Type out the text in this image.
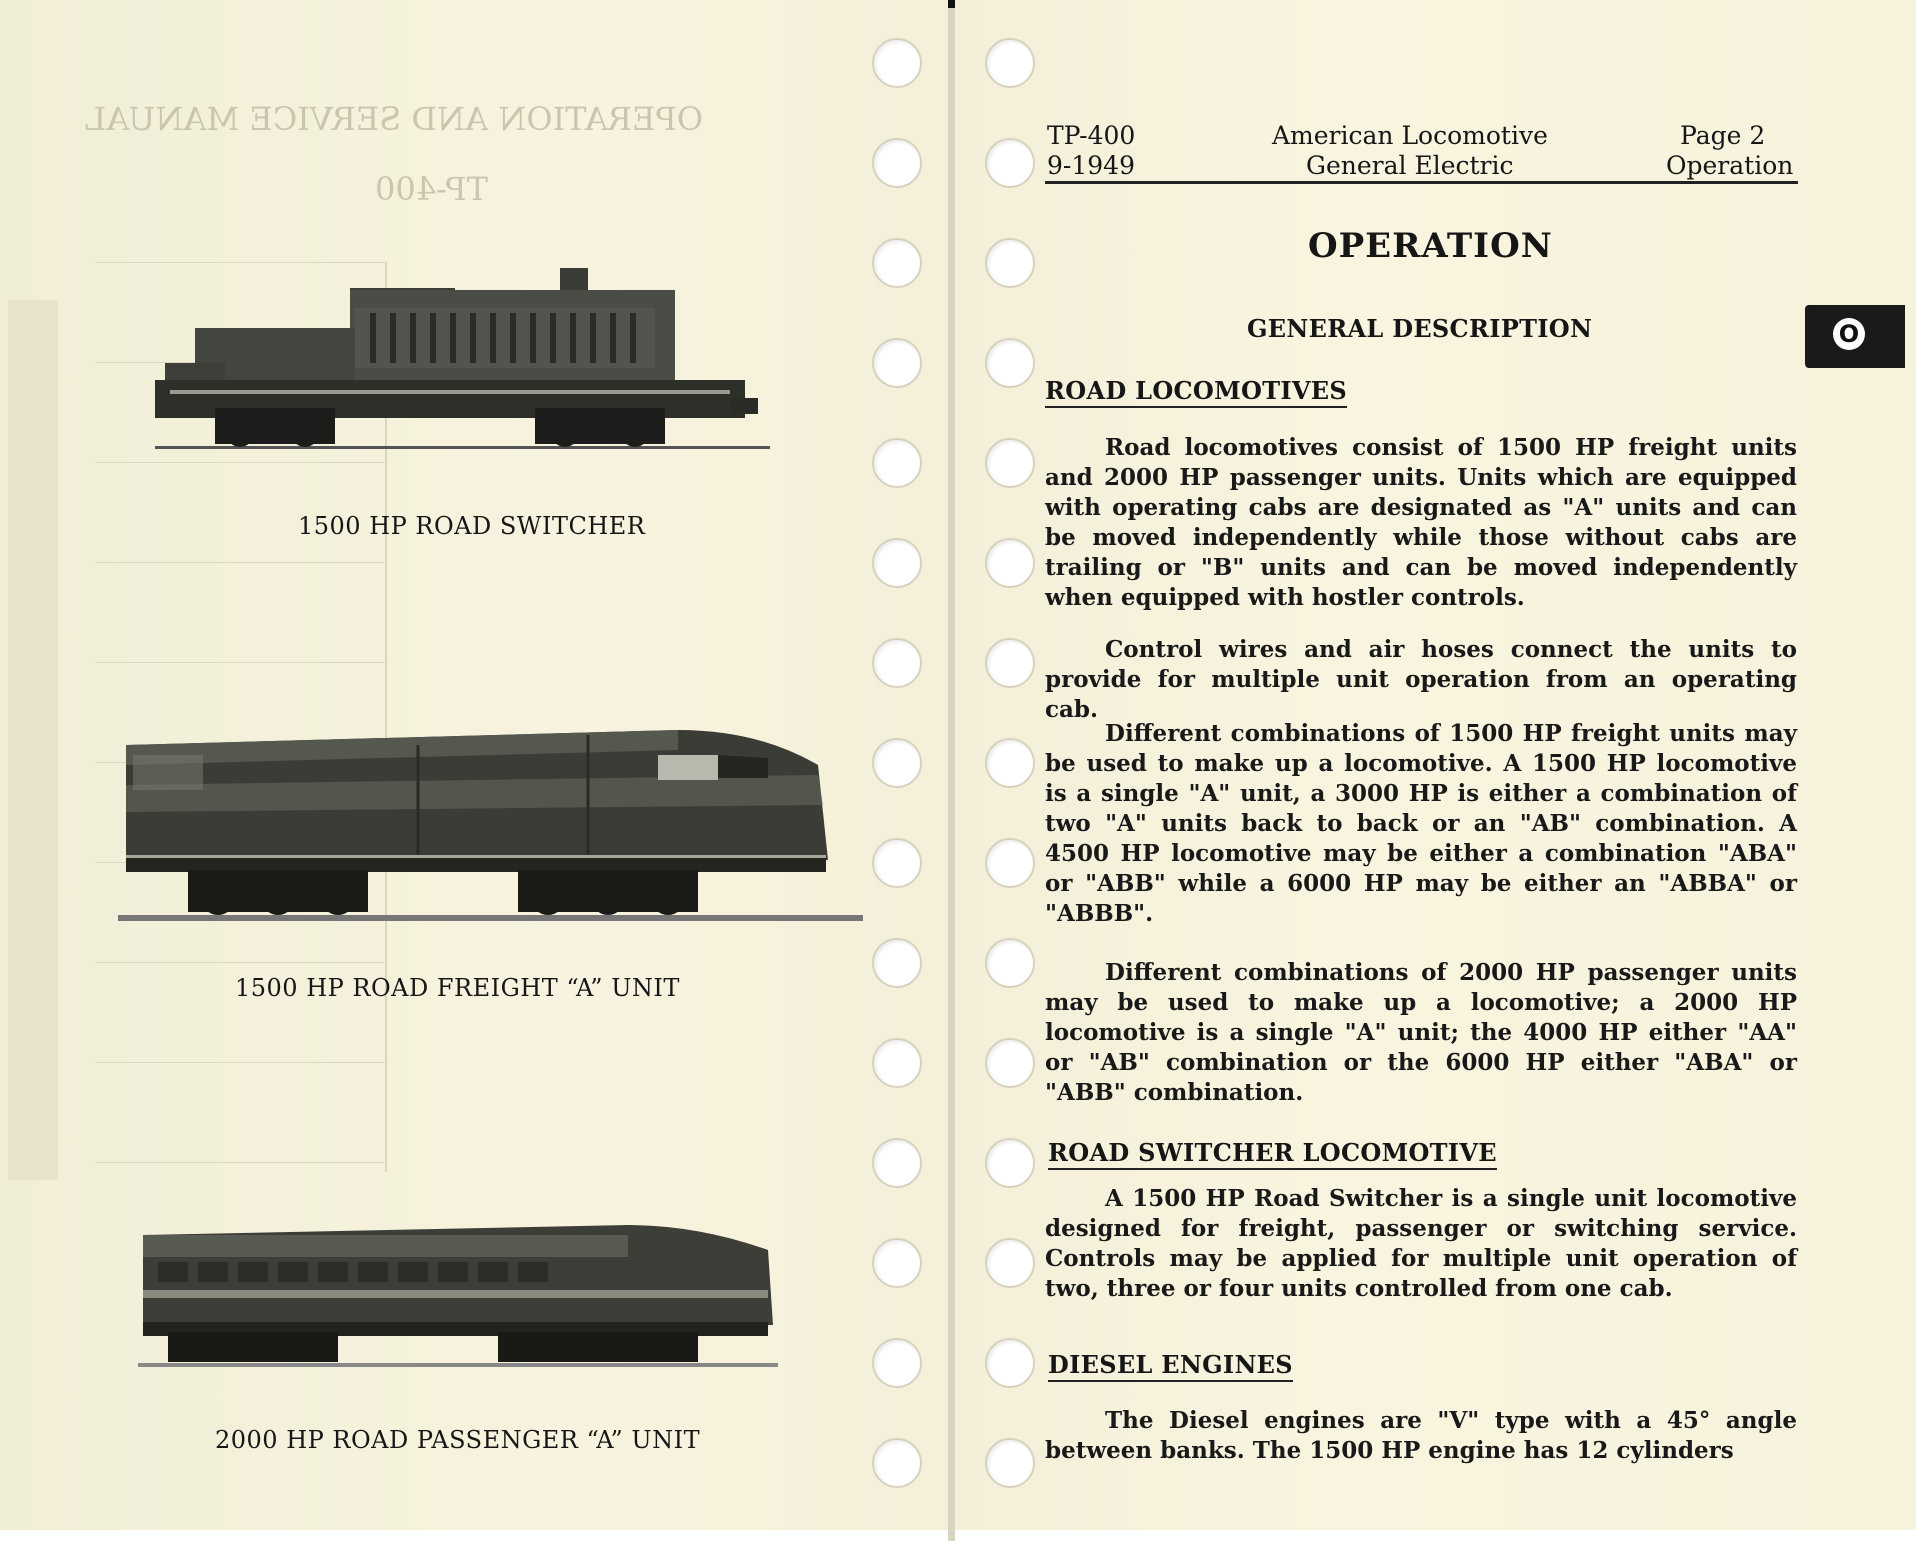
OPERATION AND SERVICE MANUAL
TP-400
1500 HP ROAD SWITCHER
1500 HP ROAD FREIGHT “A” UNIT
2000 HP ROAD PASSENGER “A” UNIT
TP-400
9-1949
American Locomotive
General Electric
Page 2
Operation
OPERATION
O
GENERAL DESCRIPTION
ROAD LOCOMOTIVES

Road locomotives consist of 1500 HP freight units and 2000 HP passenger units. Units which are equipped with operating cabs are designated as "A" units and can be moved independently while those without cabs are trailing or "B" units and can be moved independently when equipped with hostler controls.

Control wires and air hoses connect the units to provide for multiple unit operation from an operating cab.

Different combinations of 1500 HP freight units may be used to make up a locomotive. A 1500 HP locomotive is a single "A" unit, a 3000 HP is either a combination of two "A" units back to back or an "AB" combination. A 4500 HP locomotive may be either a combination "ABA" or "ABB" while a 6000 HP may be either an "ABBA" or "ABBB".

Different combinations of 2000 HP passenger units may be used to make up a locomotive; a 2000 HP locomotive is a single "A" unit; the 4000 HP either "AA" or "AB" combination or the 6000 HP either "ABA" or "ABB" combination.

ROAD SWITCHER LOCOMOTIVE

A 1500 HP Road Switcher is a single unit locomotive designed for freight, passenger or switching service. Controls may be applied for multiple unit operation of two, three or four units controlled from one cab.

DIESEL ENGINES

The Diesel engines are "V" type with a 45° angle between banks. The 1500 HP engine has 12 cylinders
